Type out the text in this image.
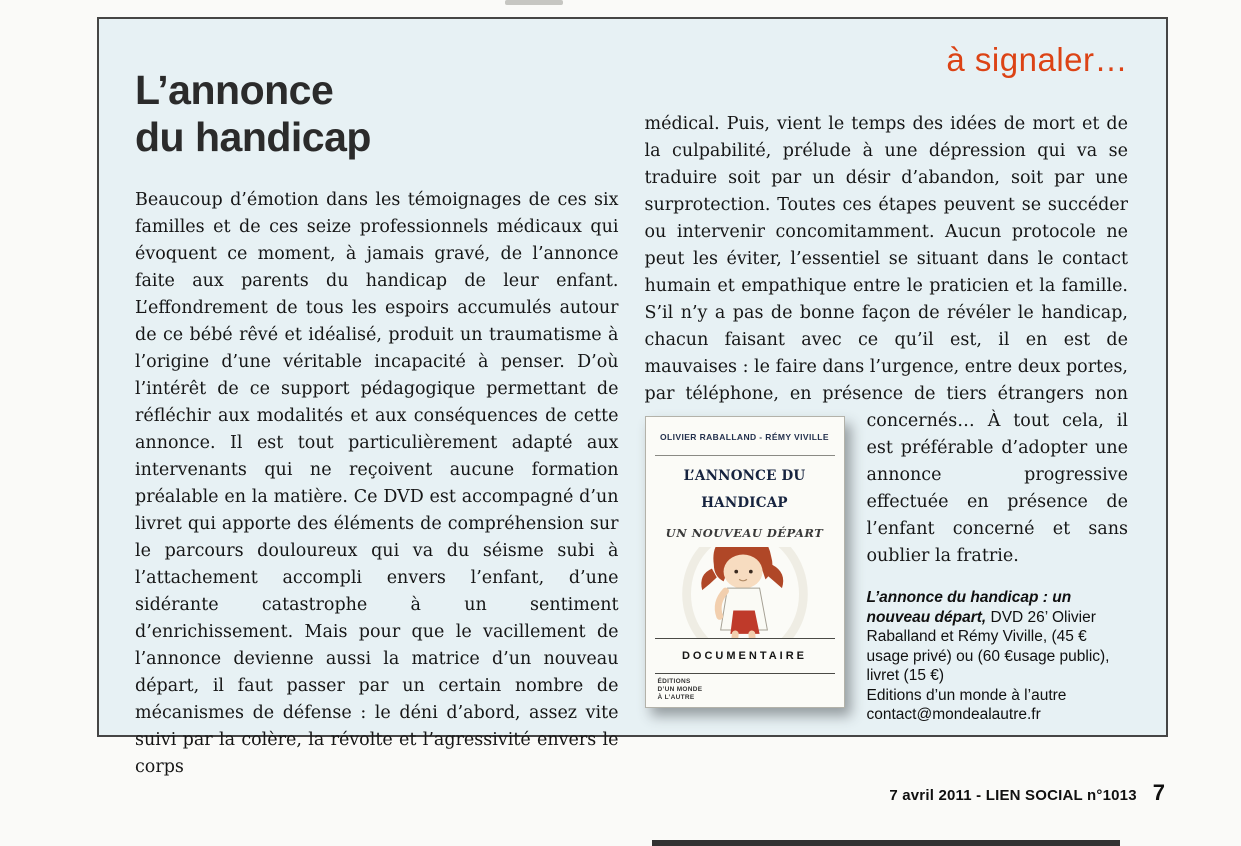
L’annonce
du handicap

Beaucoup d’émotion dans les témoignages de ces six familles et de ces seize professionnels médicaux qui évoquent ce moment, à jamais gravé, de l’annonce faite aux parents du handicap de leur enfant. L’effondrement de tous les espoirs accumulés autour de ce bébé rêvé et idéalisé, produit un traumatisme à l’origine d’une véritable incapacité à penser. D’où l’intérêt de ce support pédagogique permettant de réfléchir aux modalités et aux conséquences de cette annonce. Il est tout particulièrement adapté aux intervenants qui ne reçoivent aucune formation préalable en la matière. Ce DVD est accompagné d’un livret qui apporte des éléments de compréhension sur le parcours douloureux qui va du séisme subi à l’attachement accompli envers l’enfant, d’une sidérante catastrophe à un sentiment d’enrichissement. Mais pour que le vacillement de l’annonce devienne aussi la matrice d’un nouveau départ, il faut passer par un certain nombre de mécanismes de défense : le déni d’abord, assez vite suivi par la colère, la révolte et l’agressivité envers le corps

à signaler…

médical. Puis, vient le temps des idées de mort et de la culpabilité, prélude à une dépression qui va se traduire soit par un désir d’abandon, soit par une surprotection. Toutes ces étapes peuvent se succéder ou intervenir concomitamment. Aucun protocole ne peut les éviter, l’essentiel se situant dans le contact humain et empathique entre le praticien et la famille. S’il n’y a pas de bonne façon de révéler le handicap, chacun faisant avec ce qu’il est, il en est de mauvaises : le faire dans l’urgence, entre deux portes, par téléphone, en présence de tiers étrangers non concernés… À tout
OLIVIER RABALLAND - RÉMY VIVILLE
L’ANNONCE DU HANDICAP
UN NOUVEAU DÉPART
DOCUMENTAIRE
ÉDITIONS
D’UN MONDE
À L’AUTRE
cela, il est préférable d’adopter une annonce progressive effectuée en présence de l’enfant concerné et sans oublier la fratrie.

L’annonce du handicap : un nouveau départ, DVD 26’ Olivier Raballand et Rémy Viville, (45 € usage privé) ou (60 €usage public), livret (15 €)
Editions d’un monde à l’autre
contact@mondealautre.fr
7 avril 2011 - LIEN SOCIAL n°1013 7
